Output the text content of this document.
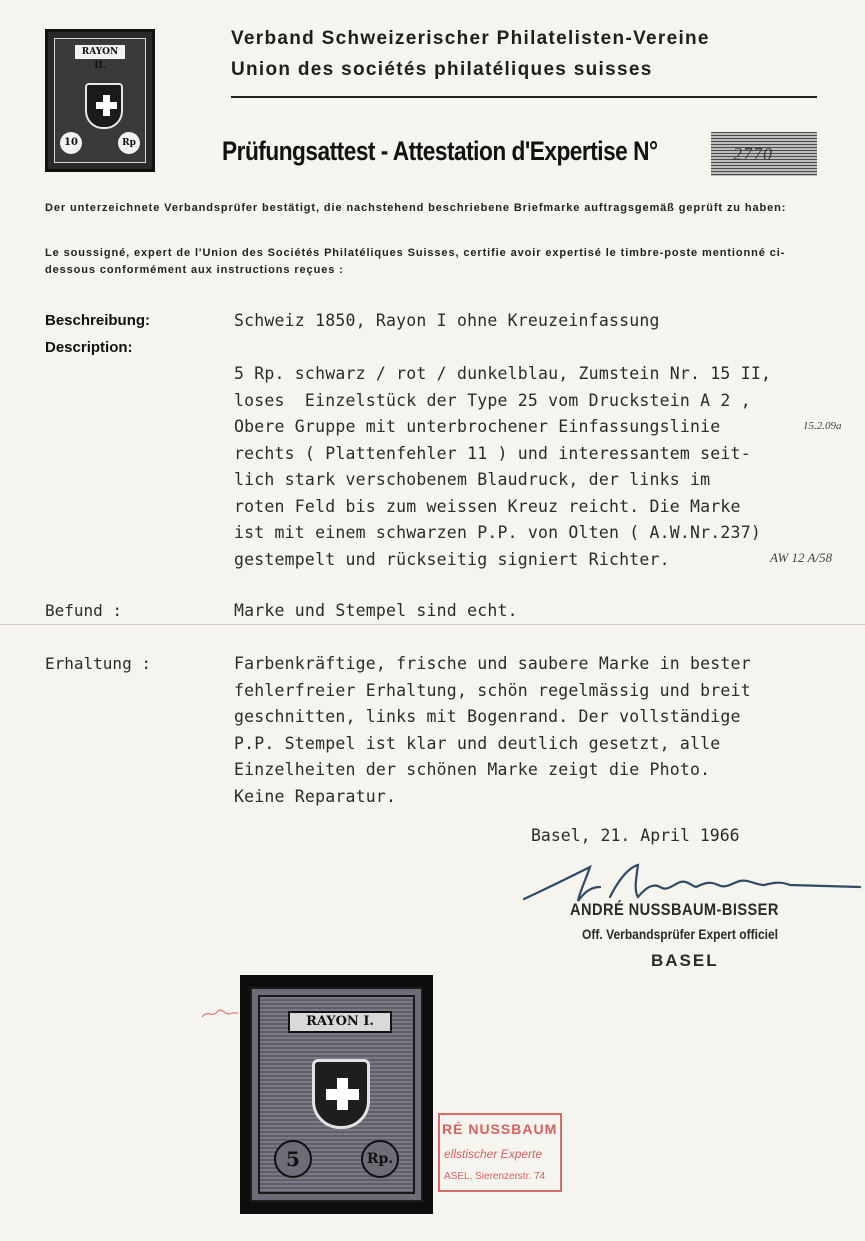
RAYON II.
10	Rp
Verband Schweizerischer Philatelisten-Vereine
Union des sociétés philatéliques suisses
Prüfungsattest - Attestation d'Expertise N°	2770
Der unterzeichnete Verbandsprüfer bestätigt, die nachstehend beschriebene Briefmarke auftragsgemäß geprüft zu haben:
Le soussigné, expert de l'Union des Sociétés Philatéliques Suisses, certifie avoir expertisé le timbre-poste mentionné ci-dessous conformément aux instructions reçues :
Beschreibung:
Description:
Schweiz 1850, Rayon I ohne Kreuzeinfassung
5 Rp. schwarz / rot / dunkelblau, Zumstein Nr. 15 II,
loses  Einzelstück der Type 25 vom Druckstein A 2 ,
Obere Gruppe mit unterbrochener Einfassungslinie
rechts ( Plattenfehler 11 ) und interessantem seit-
lich stark verschobenem Blaudruck, der links im
roten Feld bis zum weissen Kreuz reicht. Die Marke
ist mit einem schwarzen P.P. von Olten ( A.W.Nr.237)
gestempelt und rückseitig signiert Richter.
15.2.09a
AW 12 A/58
Befund :	Marke und Stempel sind echt.
Erhaltung :	Farbenkräftige, frische und saubere Marke in bester
fehlerfreier Erhaltung, schön regelmässig und breit
geschnitten, links mit Bogenrand. Der vollständige
P.P. Stempel ist klar und deutlich gesetzt, alle
Einzelheiten der schönen Marke zeigt die Photo.
Keine Reparatur.
Basel, 21. April 1966
ANDRÉ NUSSBAUM-BISSER
Off. Verbandsprüfer Expert officiel
BASEL
RAYON I.
5	Rp.
RÉ NUSSBAUM
ellstischer Experte
ASEL, Sierenzerstr. 74
